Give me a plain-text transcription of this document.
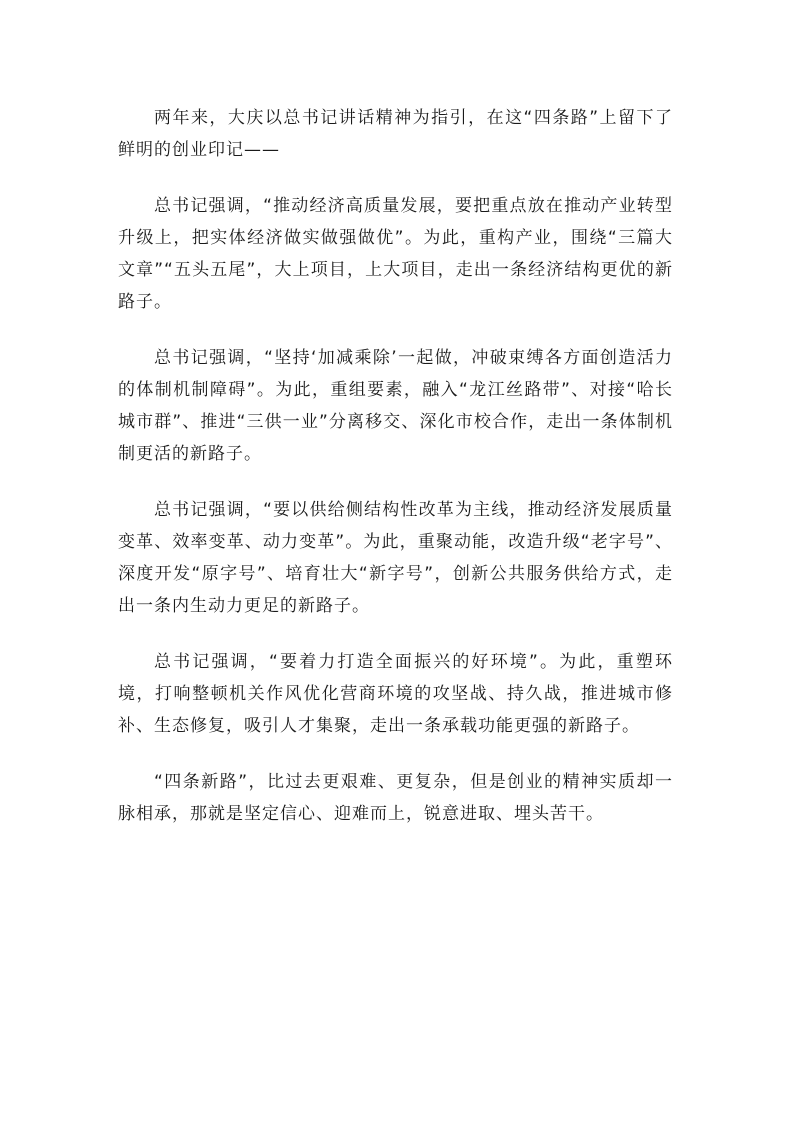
两年来，大庆以总书记讲话精神为指引，在这“四条路”上留下了鲜明的创业印记——

总书记强调，“推动经济高质量发展，要把重点放在推动产业转型升级上，把实体经济做实做强做优”。为此，重构产业，围绕“三篇大文章”“五头五尾”，大上项目，上大项目，走出一条经济结构更优的新路子。

总书记强调，“坚持‘加减乘除’一起做，冲破束缚各方面创造活力的体制机制障碍”。为此，重组要素，融入“龙江丝路带”、对接“哈长城市群”、推进“三供一业”分离移交、深化市校合作，走出一条体制机制更活的新路子。

总书记强调，“要以供给侧结构性改革为主线，推动经济发展质量变革、效率变革、动力变革”。为此，重聚动能，改造升级“老字号”、深度开发“原字号”、培育壮大“新字号”，创新公共服务供给方式，走出一条内生动力更足的新路子。

总书记强调，“要着力打造全面振兴的好环境”。为此，重塑环境，打响整顿机关作风优化营商环境的攻坚战、持久战，推进城市修补、生态修复，吸引人才集聚，走出一条承载功能更强的新路子。

“四条新路”，比过去更艰难、更复杂，但是创业的精神实质却一脉相承，那就是坚定信心、迎难而上，锐意进取、埋头苦干。
